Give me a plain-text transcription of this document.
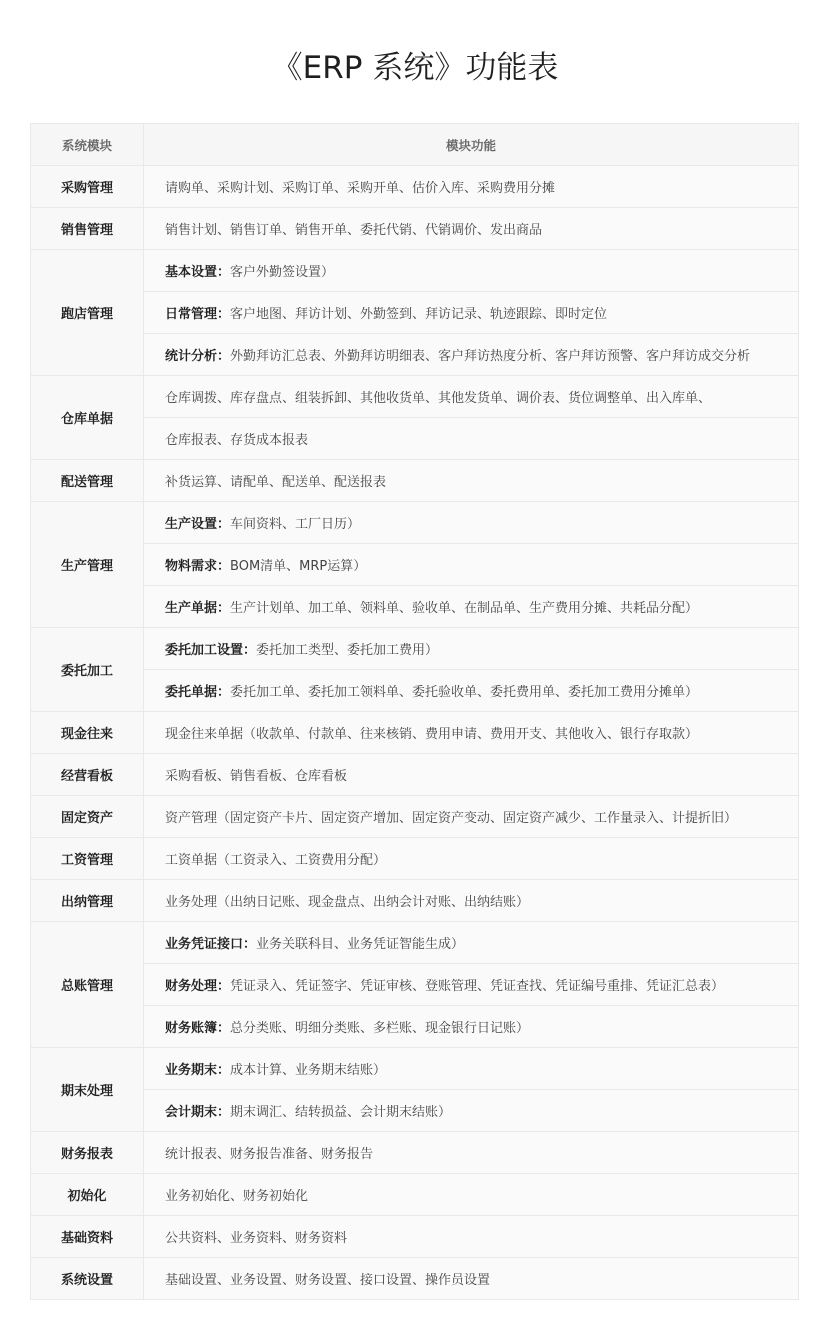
《ERP 系统》功能表
系统模块	模块功能
采购管理	请购单、采购计划、采购订单、采购开单、估价入库、采购费用分摊
销售管理	销售计划、销售订单、销售开单、委托代销、代销调价、发出商品
跑店管理	基本设置：客户外勤签设置）
	日常管理：客户地图、拜访计划、外勤签到、拜访记录、轨迹跟踪、即时定位
	统计分析：外勤拜访汇总表、外勤拜访明细表、客户拜访热度分析、客户拜访预警、客户拜访成交分析
仓库单据	仓库调拨、库存盘点、组装拆卸、其他收货单、其他发货单、调价表、货位调整单、出入库单、
	仓库报表、存货成本报表
配送管理	补货运算、请配单、配送单、配送报表
生产管理	生产设置：车间资料、工厂日历）
	物料需求：BOM清单、MRP运算）
	生产单据：生产计划单、加工单、领料单、验收单、在制品单、生产费用分摊、共耗品分配）
委托加工	委托加工设置：委托加工类型、委托加工费用）
	委托单据：委托加工单、委托加工领料单、委托验收单、委托费用单、委托加工费用分摊单）
现金往来	现金往来单据（收款单、付款单、往来核销、费用申请、费用开支、其他收入、银行存取款）
经营看板	采购看板、销售看板、仓库看板
固定资产	资产管理（固定资产卡片、固定资产增加、固定资产变动、固定资产减少、工作量录入、计提折旧）
工资管理	工资单据（工资录入、工资费用分配）
出纳管理	业务处理（出纳日记账、现金盘点、出纳会计对账、出纳结账）
总账管理	业务凭证接口：业务关联科目、业务凭证智能生成）
	财务处理：凭证录入、凭证签字、凭证审核、登账管理、凭证查找、凭证编号重排、凭证汇总表）
	财务账簿：总分类账、明细分类账、多栏账、现金银行日记账）
期末处理	业务期末：成本计算、业务期末结账）
	会计期末：期末调汇、结转损益、会计期末结账）
财务报表	统计报表、财务报告准备、财务报告
初始化	业务初始化、财务初始化
基础资料	公共资料、业务资料、财务资料
系统设置	基础设置、业务设置、财务设置、接口设置、操作员设置
